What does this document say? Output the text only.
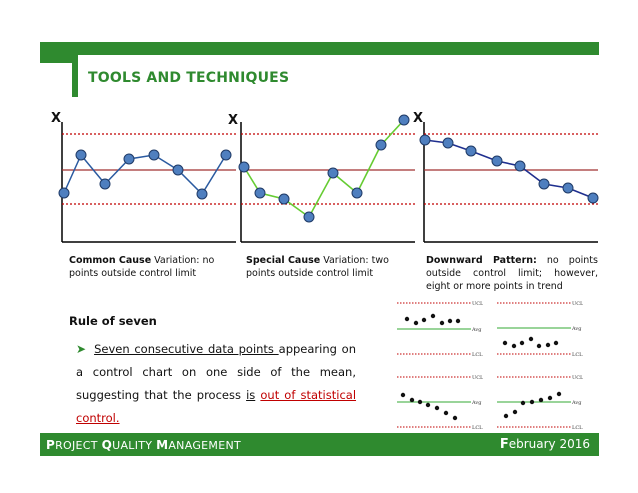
TOOLS AND TECHNIQUES
X	X	X
Common Cause Variation: no points outside control limit
Special Cause Variation: two points outside control limit
Downward Pattern: no points outside control limit; however, eight or more points in trend
Rule of seven
➤ Seven consecutive data points appearing on a control chart on one side of the mean, suggesting that the process is out of statistical control.
UCL
Avg
LCL
UCL
Avg
LCL
UCL
Avg
LCL
UCL
Avg
LCL
PROJECT QUALITY MANAGEMENT	February 2016
